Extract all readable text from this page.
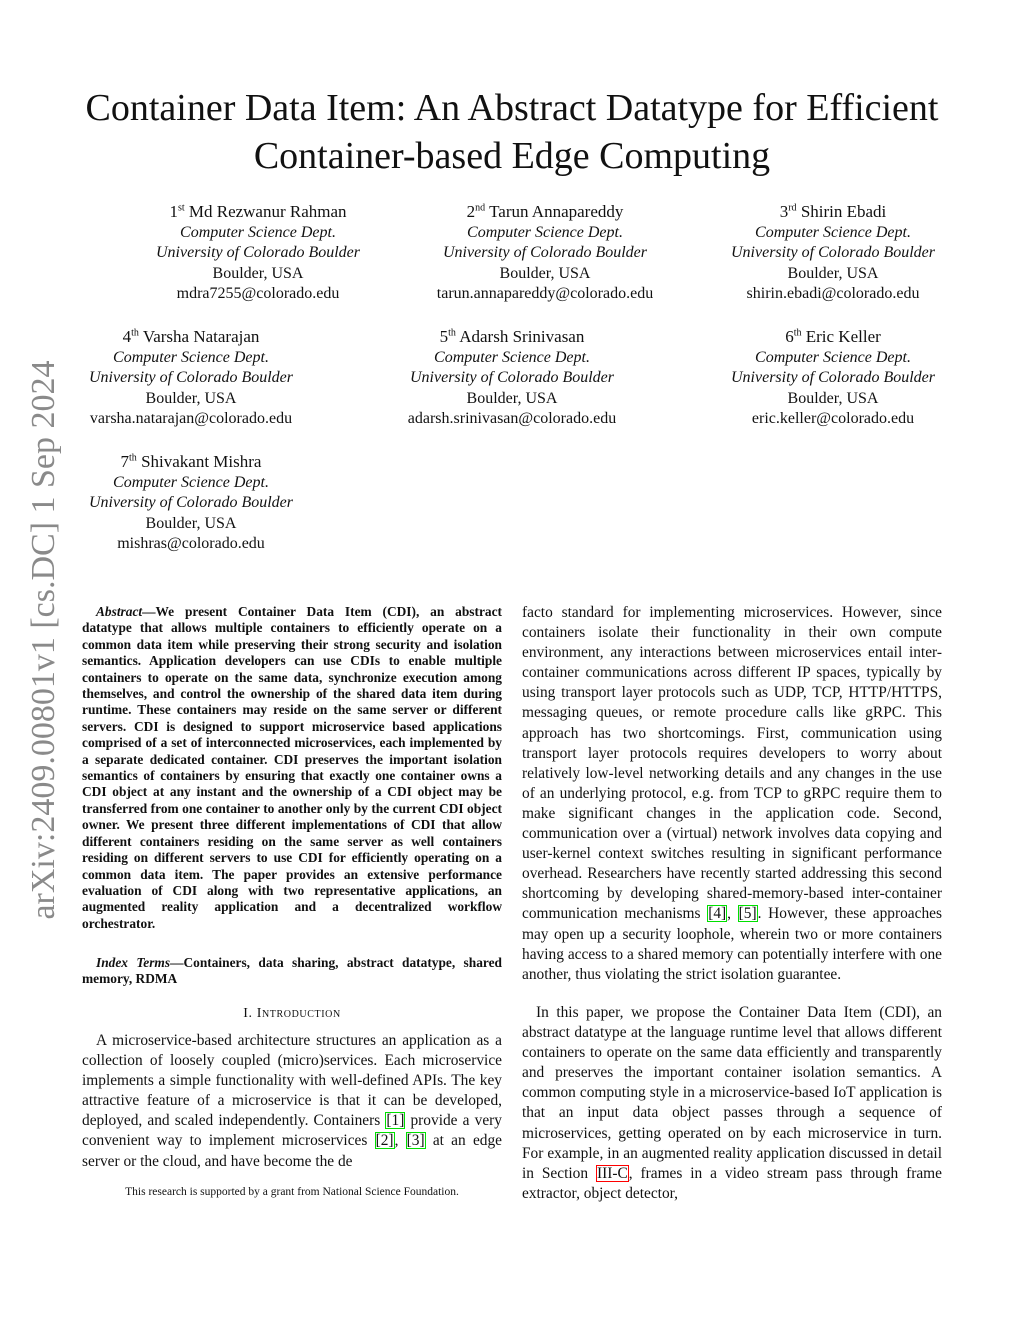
arXiv:2409.00801v1 [cs.DC] 1 Sep 2024
Container Data Item: An Abstract Datatype for Efficient Container-based Edge Computing
1st Md Rezwanur Rahman
Computer Science Dept.
University of Colorado Boulder
Boulder, USA
mdra7255@colorado.edu
2nd Tarun Annapareddy
Computer Science Dept.
University of Colorado Boulder
Boulder, USA
tarun.annapareddy@colorado.edu
3rd Shirin Ebadi
Computer Science Dept.
University of Colorado Boulder
Boulder, USA
shirin.ebadi@colorado.edu
4th Varsha Natarajan
Computer Science Dept.
University of Colorado Boulder
Boulder, USA
varsha.natarajan@colorado.edu
5th Adarsh Srinivasan
Computer Science Dept.
University of Colorado Boulder
Boulder, USA
adarsh.srinivasan@colorado.edu
6th Eric Keller
Computer Science Dept.
University of Colorado Boulder
Boulder, USA
eric.keller@colorado.edu
7th Shivakant Mishra
Computer Science Dept.
University of Colorado Boulder
Boulder, USA
mishras@colorado.edu
Abstract—We present Container Data Item (CDI), an abstract datatype that allows multiple containers to efficiently operate on a common data item while preserving their strong security and isolation semantics. Application developers can use CDIs to enable multiple containers to operate on the same data, synchronize execution among themselves, and control the ownership of the shared data item during runtime. These containers may reside on the same server or different servers. CDI is designed to support microservice based applications comprised of a set of interconnected microservices, each implemented by a separate dedicated container. CDI preserves the important isolation semantics of containers by ensuring that exactly one container owns a CDI object at any instant and the ownership of a CDI object may be transferred from one container to another only by the current CDI object owner. We present three different implementations of CDI that allow different containers residing on the same server as well containers residing on different servers to use CDI for efficiently operating on a common data item. The paper provides an extensive performance evaluation of CDI along with two representative applications, an augmented reality application and a decentralized workflow orchestrator.
Index Terms—Containers, data sharing, abstract datatype, shared memory, RDMA
I. Introduction
A microservice-based architecture structures an application as a collection of loosely coupled (micro)services. Each microservice implements a simple functionality with well-defined APIs. The key attractive feature of a microservice is that it can be developed, deployed, and scaled independently. Containers [1] provide a very convenient way to implement microservices [2], [3] at an edge server or the cloud, and have become the de
This research is supported by a grant from National Science Foundation.
facto standard for implementing microservices. However, since containers isolate their functionality in their own compute environment, any interactions between microservices entail inter-container communications across different IP spaces, typically by using transport layer protocols such as UDP, TCP, HTTP/HTTPS, messaging queues, or remote procedure calls like gRPC. This approach has two shortcomings. First, communication using transport layer protocols requires developers to worry about relatively low-level networking details and any changes in the use of an underlying protocol, e.g. from TCP to gRPC require them to make significant changes in the application code. Second, communication over a (virtual) network involves data copying and user-kernel context switches resulting in significant performance overhead. Researchers have recently started addressing this second shortcoming by developing shared-memory-based inter-container communication mechanisms [4], [5]. However, these approaches may open up a security loophole, wherein two or more containers having access to a shared memory can potentially interfere with one another, thus violating the strict isolation guarantee.
In this paper, we propose the Container Data Item (CDI), an abstract datatype at the language runtime level that allows different containers to operate on the same data efficiently and transparently and preserves the important container isolation semantics. A common computing style in a microservice-based IoT application is that an input data object passes through a sequence of microservices, getting operated on by each microservice in turn. For example, in an augmented reality application discussed in detail in Section III-C, frames in a video stream pass through frame extractor, object detector,
